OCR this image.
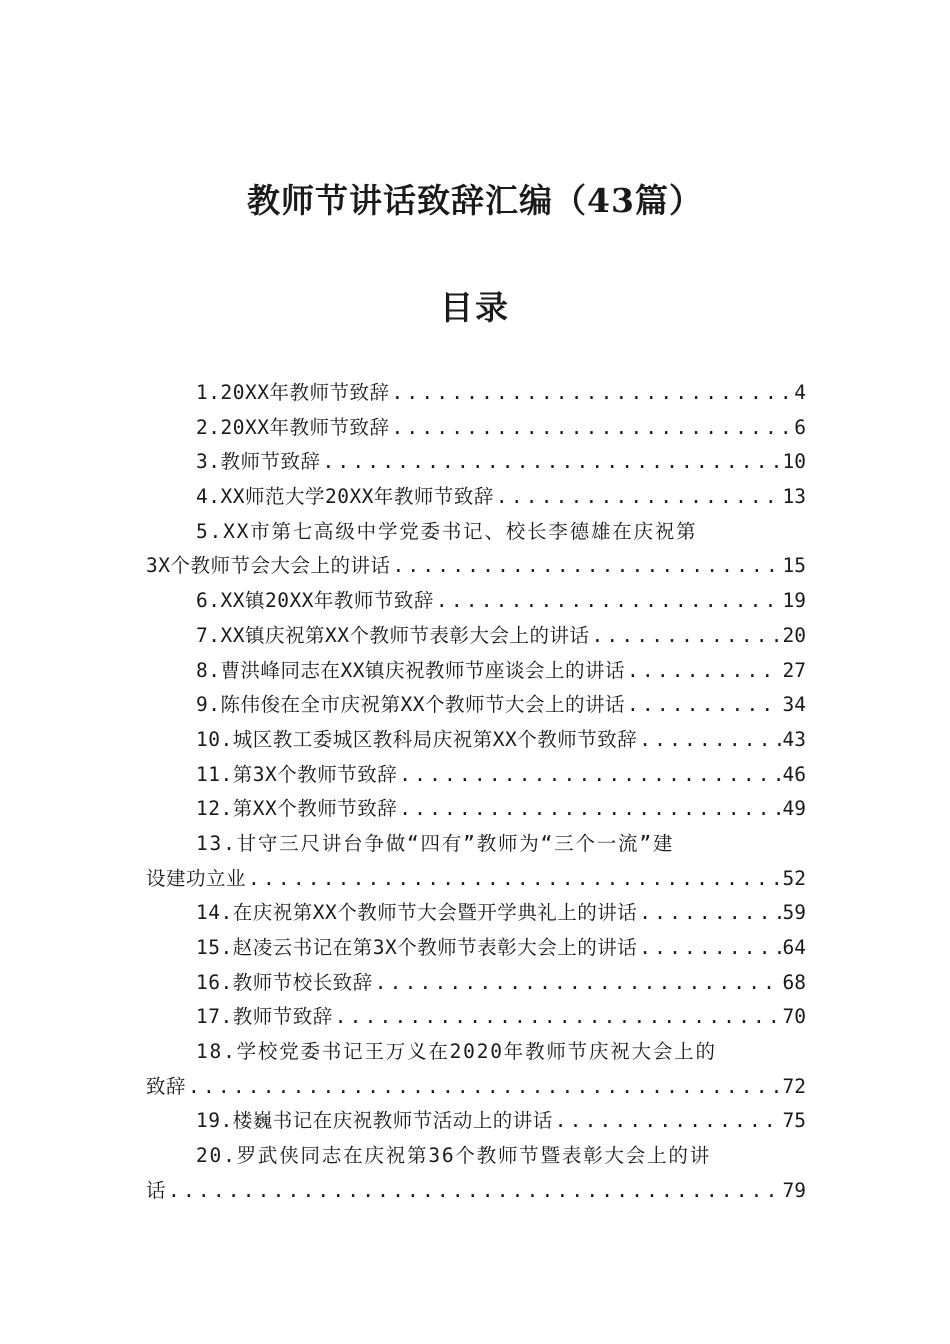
教师节讲话致辞汇编（43篇）
目录
1.20XX年教师节致辞 .....	4
2.20XX年教师节致辞 .....	6
3.教师节致辞 .....	10
4.XX师范大学20XX年教师节致辞 .....	13
5.XX市第七高级中学党委书记、校长李德雄在庆祝第
3X个教师节会大会上的讲话 .....	15
6.XX镇20XX年教师节致辞 .....	19
7.XX镇庆祝第XX个教师节表彰大会上的讲话 .....	20
8.曹洪峰同志在XX镇庆祝教师节座谈会上的讲话 .....	27
9.陈伟俊在全市庆祝第XX个教师节大会上的讲话 .....	34
10.城区教工委城区教科局庆祝第XX个教师节致辞 .....	43
11.第3X个教师节致辞 .....	46
12.第XX个教师节致辞 .....	49
13.甘守三尺讲台争做“四有”教师为“三个一流”建
设建功立业 .....	52
14.在庆祝第XX个教师节大会暨开学典礼上的讲话 .....	59
15.赵凌云书记在第3X个教师节表彰大会上的讲话 .....	64
16.教师节校长致辞 .....	68
17.教师节致辞 .....	70
18.学校党委书记王万义在2020年教师节庆祝大会上的
致辞 .....	72
19.楼巍书记在庆祝教师节活动上的讲话 .....	75
20.罗武侠同志在庆祝第36个教师节暨表彰大会上的讲
话 .....	79
